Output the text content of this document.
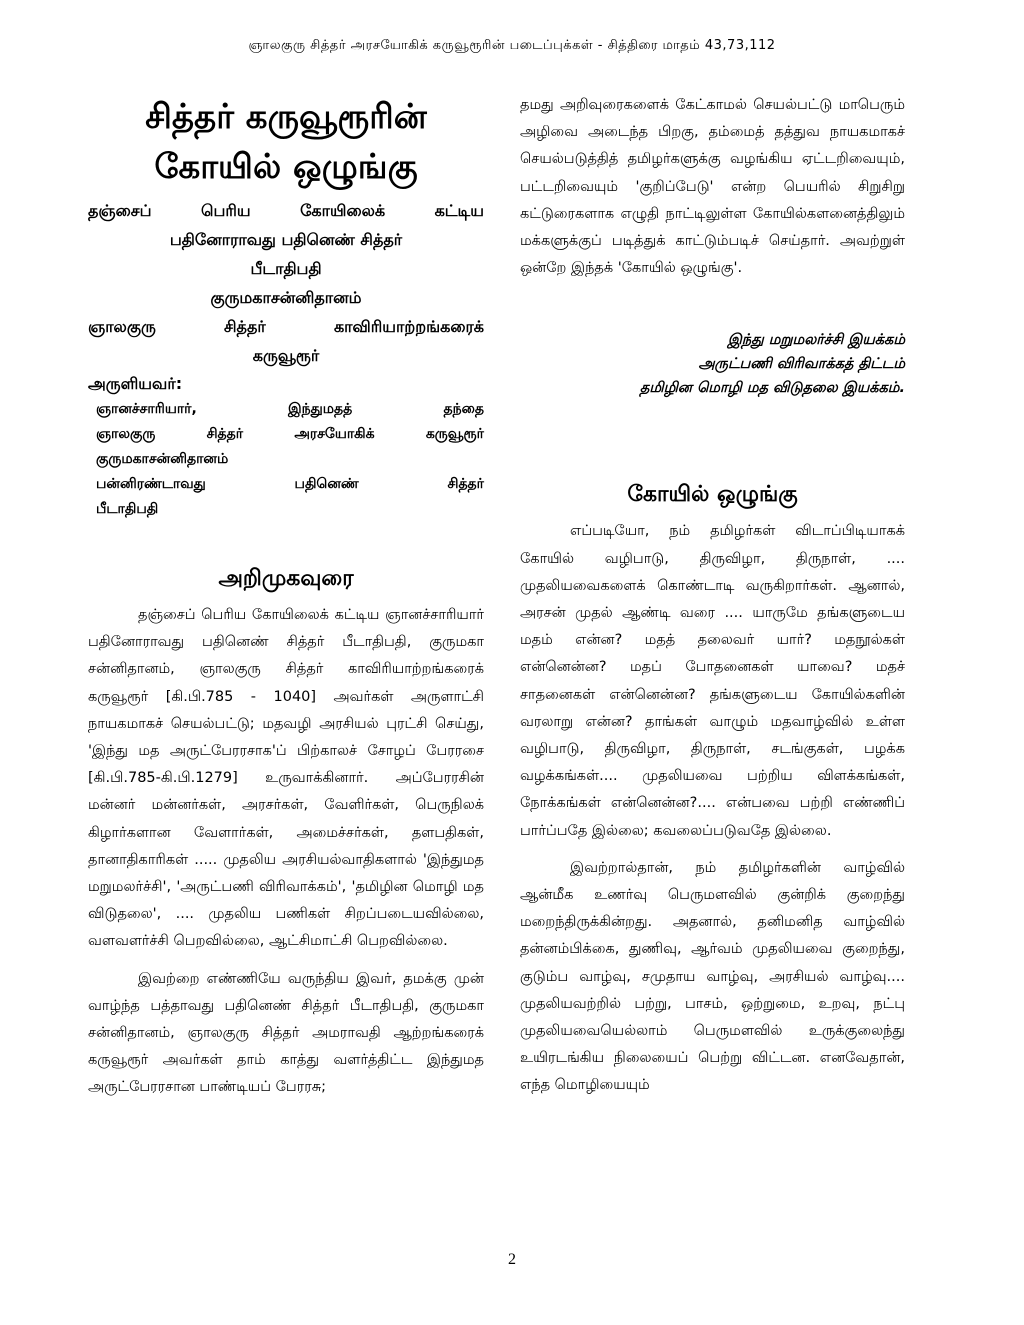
ஞாலகுரு சித்தர் அரசயோகிக் கருவூரூரின் படைப்புக்கள் - சித்திரை மாதம் 43,73,112

சித்தர் கருவூரூரின்

கோயில் ஒழுங்கு

தஞ்சைப் பெரிய கோயிலைக் கட்டிய

பதினோராவது பதினெண் சித்தர்

பீடாதிபதி

குருமகாசன்னிதானம்

ஞாலகுரு சித்தர் காவிரியாற்றங்கரைக்

கருவூரூர்

அருளியவர்:

ஞானச்சாரியார், இந்துமதத் தந்தை

ஞாலகுரு சித்தர் அரசயோகிக் கருவூரூர்

குருமகாசன்னிதானம்

பன்னிரண்டாவது பதினெண் சித்தர்

பீடாதிபதி

அறிமுகவுரை

தஞ்சைப் பெரிய கோயிலைக் கட்டிய ஞானச்சாரியார் பதினோராவது பதினெண் சித்தர் பீடாதிபதி, குருமகா சன்னிதானம், ஞாலகுரு சித்தர் காவிரியாற்றங்கரைக் கருவூரூர் [கி.பி.785 - 1040] அவர்கள் அருளாட்சி நாயகமாகச் செயல்பட்டு; மதவழி அரசியல் புரட்சி செய்து, 'இந்து மத அருட்பேரரசாக'ப் பிற்காலச் சோழப் பேரரசை [கி.பி.785-கி.பி.1279] உருவாக்கினார். அப்பேரரசின் மன்னர் மன்னர்கள், அரசர்கள், வேளிர்கள், பெருநிலக் கிழார்களான வேளார்கள், அமைச்சர்கள், தளபதிகள், தானாதிகாரிகள் ..... முதலிய அரசியல்வாதிகளால் 'இந்துமத மறுமலர்ச்சி', 'அருட்பணி விரிவாக்கம்', 'தமிழின மொழி மத விடுதலை', .... முதலிய பணிகள் சிறப்படையவில்லை, வளவளர்ச்சி பெறவில்லை, ஆட்சிமாட்சி பெறவில்லை.

இவற்றை எண்ணியே வருந்திய இவர், தமக்கு முன் வாழ்ந்த பத்தாவது பதினெண் சித்தர் பீடாதிபதி, குருமகா சன்னிதானம், ஞாலகுரு சித்தர் அமராவதி ஆற்றங்கரைக் கருவூரூர் அவர்கள் தாம் காத்து வளர்த்திட்ட இந்துமத அருட்பேரரசான பாண்டியப் பேரரசு;

தமது அறிவுரைகளைக் கேட்காமல் செயல்பட்டு மாபெரும் அழிவை அடைந்த பிறகு, தம்மைத் தத்துவ நாயகமாகச் செயல்படுத்தித் தமிழர்களுக்கு வழங்கிய ஏட்டறிவையும், பட்டறிவையும் 'குறிப்பேடு' என்ற பெயரில் சிறுசிறு கட்டுரைகளாக எழுதி நாட்டிலுள்ள கோயில்களனைத்திலும் மக்களுக்குப் படித்துக் காட்டும்படிச் செய்தார். அவற்றுள் ஒன்றே இந்தக் 'கோயில் ஒழுங்கு'.

இந்து மறுமலர்ச்சி இயக்கம்

அருட்பணி விரிவாக்கத் திட்டம்

தமிழின மொழி மத விடுதலை இயக்கம்.

கோயில் ஒழுங்கு

எப்படியோ, நம் தமிழர்கள் விடாப்பிடியாகக் கோயில் வழிபாடு, திருவிழா, திருநாள், .... முதலியவைகளைக் கொண்டாடி வருகிறார்கள். ஆனால், அரசன் முதல் ஆண்டி வரை .... யாருமே தங்களுடைய மதம் என்ன? மதத் தலைவர் யார்? மதநூல்கள் என்னென்ன? மதப் போதனைகள் யாவை? மதச் சாதனைகள் என்னென்ன? தங்களுடைய கோயில்களின் வரலாறு என்ன? தாங்கள் வாழும் மதவாழ்வில் உள்ள வழிபாடு, திருவிழா, திருநாள், சடங்குகள், பழக்க வழக்கங்கள்.... முதலியவை பற்றிய விளக்கங்கள், நோக்கங்கள் என்னென்ன?.... என்பவை பற்றி எண்ணிப் பார்ப்பதே இல்லை; கவலைப்படுவதே இல்லை.

இவற்றால்தான், நம் தமிழர்களின் வாழ்வில் ஆன்மீக உணர்வு பெருமளவில் குன்றிக் குறைந்து மறைந்திருக்கின்றது. அதனால், தனிமனித வாழ்வில் தன்னம்பிக்கை, துணிவு, ஆர்வம் முதலியவை குறைந்து, குடும்ப வாழ்வு, சமுதாய வாழ்வு, அரசியல் வாழ்வு.... முதலியவற்றில் பற்று, பாசம், ஒற்றுமை, உறவு, நட்பு முதலியவையெல்லாம் பெருமளவில் உருக்குலைந்து உயிரடங்கிய நிலையைப் பெற்று விட்டன. எனவேதான், எந்த மொழியையும்

2
